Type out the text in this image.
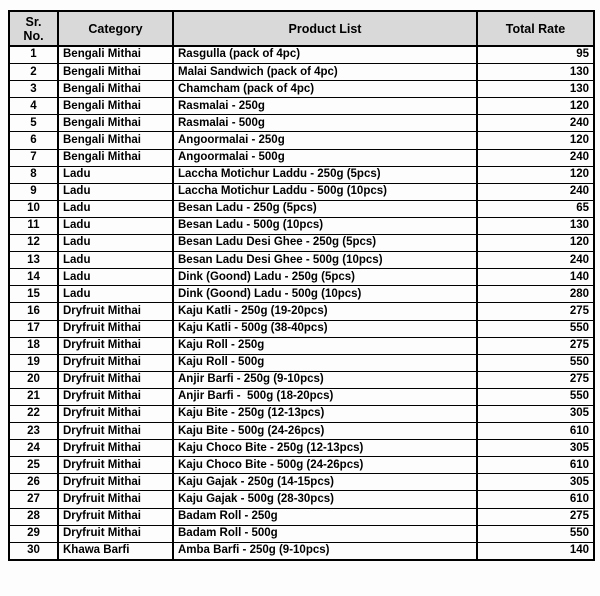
Sr. No.	Category	Product List	Total Rate
1	Bengali Mithai	Rasgulla (pack of 4pc)	95
2	Bengali Mithai	Malai Sandwich (pack of 4pc)	130
3	Bengali Mithai	Chamcham (pack of 4pc)	130
4	Bengali Mithai	Rasmalai - 250g	120
5	Bengali Mithai	Rasmalai - 500g	240
6	Bengali Mithai	Angoormalai - 250g	120
7	Bengali Mithai	Angoormalai - 500g	240
8	Ladu	Laccha Motichur Laddu - 250g (5pcs)	120
9	Ladu	Laccha Motichur Laddu - 500g (10pcs)	240
10	Ladu	Besan Ladu - 250g (5pcs)	65
11	Ladu	Besan Ladu - 500g (10pcs)	130
12	Ladu	Besan Ladu Desi Ghee - 250g (5pcs)	120
13	Ladu	Besan Ladu Desi Ghee - 500g (10pcs)	240
14	Ladu	Dink (Goond) Ladu - 250g (5pcs)	140
15	Ladu	Dink (Goond) Ladu - 500g (10pcs)	280
16	Dryfruit Mithai	Kaju Katli - 250g (19-20pcs)	275
17	Dryfruit Mithai	Kaju Katli - 500g (38-40pcs)	550
18	Dryfruit Mithai	Kaju Roll - 250g	275
19	Dryfruit Mithai	Kaju Roll - 500g	550
20	Dryfruit Mithai	Anjir Barfi - 250g (9-10pcs)	275
21	Dryfruit Mithai	Anjir Barfi -  500g (18-20pcs)	550
22	Dryfruit Mithai	Kaju Bite - 250g (12-13pcs)	305
23	Dryfruit Mithai	Kaju Bite - 500g (24-26pcs)	610
24	Dryfruit Mithai	Kaju Choco Bite - 250g (12-13pcs)	305
25	Dryfruit Mithai	Kaju Choco Bite - 500g (24-26pcs)	610
26	Dryfruit Mithai	Kaju Gajak - 250g (14-15pcs)	305
27	Dryfruit Mithai	Kaju Gajak - 500g (28-30pcs)	610
28	Dryfruit Mithai	Badam Roll - 250g	275
29	Dryfruit Mithai	Badam Roll - 500g	550
30	Khawa Barfi	Amba Barfi - 250g (9-10pcs)	140
